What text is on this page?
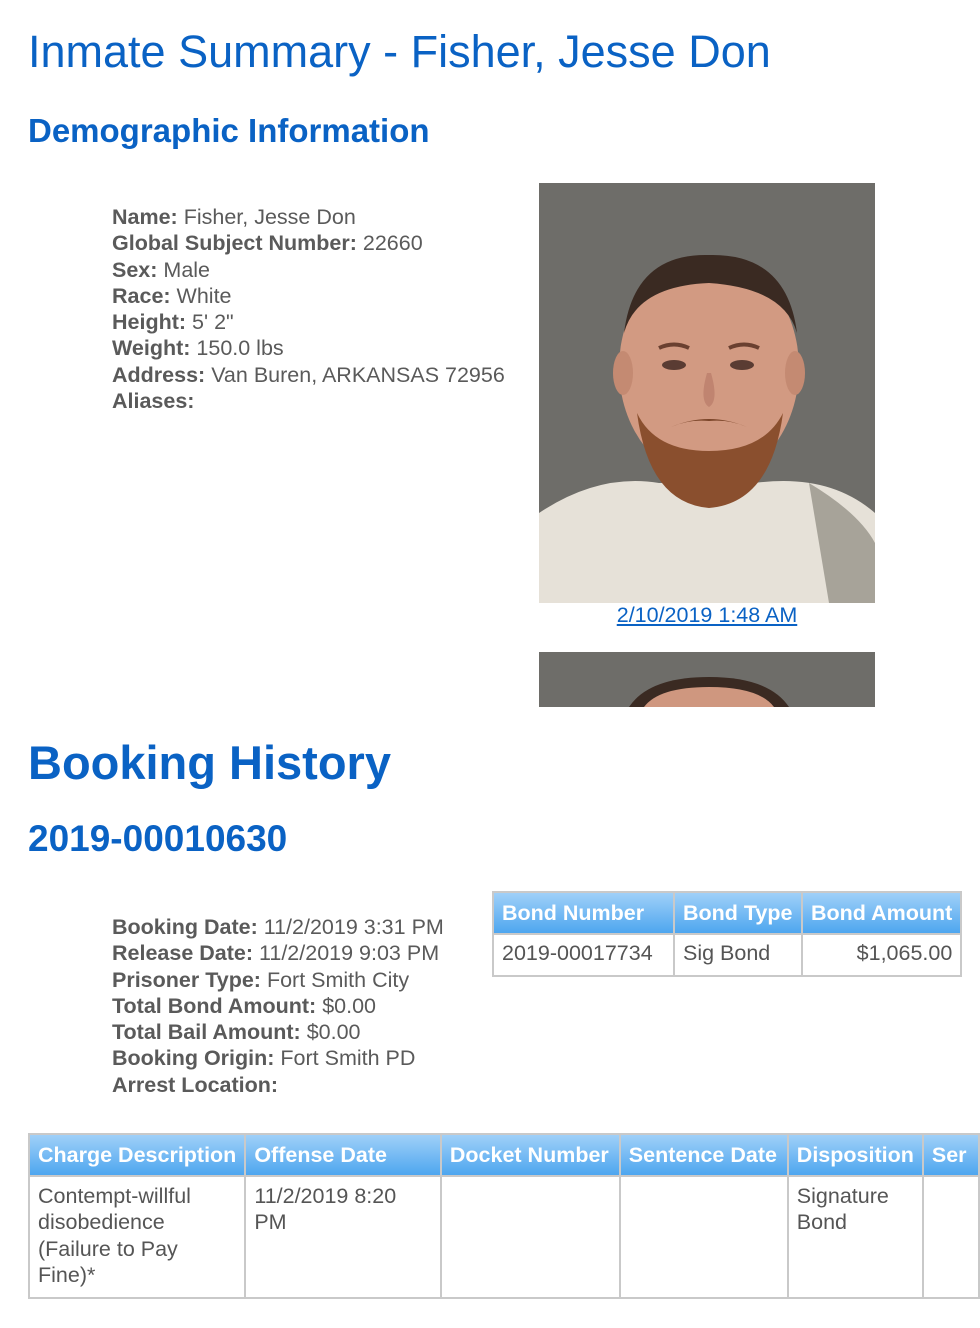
Inmate Summary - Fisher, Jesse Don
Demographic Information
Name: Fisher, Jesse Don
Global Subject Number: 22660
Sex: Male
Race: White
Height: 5' 2"
Weight: 150.0 lbs
Address: Van Buren, ARKANSAS 72956
Aliases:
2/10/2019 1:48 AM
Booking History
2019-00010630
Booking Date: 11/2/2019 3:31 PM
Release Date: 11/2/2019 9:03 PM
Prisoner Type: Fort Smith City
Total Bond Amount: $0.00
Total Bail Amount: $0.00
Booking Origin: Fort Smith PD
Arrest Location:
Bond Number	Bond Type	Bond Amount
2019-00017734	Sig Bond	$1,065.00
Charge Description	Offense Date	Docket Number	Sentence Date	Disposition	Ser
Contempt-willful disobedience (Failure to Pay Fine)*	11/2/2019 8:20 PM			Signature Bond	
